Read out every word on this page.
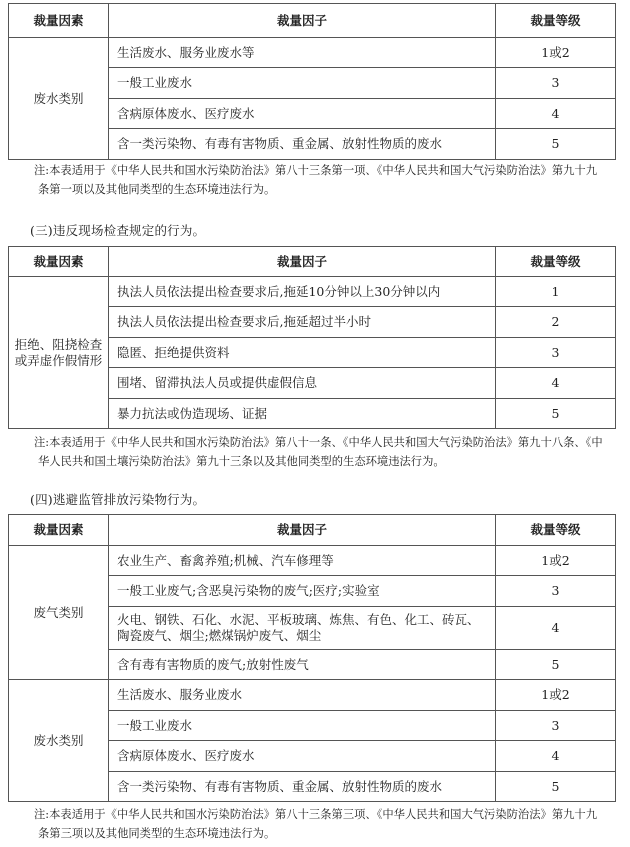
裁量因素	裁量因子	裁量等级
废水类别	生活废水、服务业废水等	1或2
	一般工业废水	3
	含病原体废水、医疗废水	4
	含一类污染物、有毒有害物质、重金属、放射性物质的废水	5

注:本表适用于《中华人民共和国水污染防治法》第八十三条第一项、《中华人民共和国大气污染防治法》第九十九条第一项以及其他同类型的生态环境违法行为。

(三)违反现场检查规定的行为。

裁量因素	裁量因子	裁量等级
拒绝、阻挠检查或弄虚作假情形	执法人员依法提出检查要求后,拖延10分钟以上30分钟以内	1
	执法人员依法提出检查要求后,拖延超过半小时	2
	隐匿、拒绝提供资料	3
	围堵、留滞执法人员或提供虚假信息	4
	暴力抗法或伪造现场、证据	5

注:本表适用于《中华人民共和国水污染防治法》第八十一条、《中华人民共和国大气污染防治法》第九十八条、《中华人民共和国土壤污染防治法》第九十三条以及其他同类型的生态环境违法行为。

(四)逃避监管排放污染物行为。

裁量因素	裁量因子	裁量等级
废气类别	农业生产、畜禽养殖;机械、汽车修理等	1或2
	一般工业废气;含恶臭污染物的废气;医疗;实验室	3
	火电、钢铁、石化、水泥、平板玻璃、炼焦、有色、化工、砖瓦、陶瓷废气、烟尘;燃煤锅炉废气、烟尘	4
	含有毒有害物质的废气;放射性废气	5
废水类别	生活废水、服务业废水	1或2
	一般工业废水	3
	含病原体废水、医疗废水	4
	含一类污染物、有毒有害物质、重金属、放射性物质的废水	5

注:本表适用于《中华人民共和国水污染防治法》第八十三条第三项、《中华人民共和国大气污染防治法》第九十九条第三项以及其他同类型的生态环境违法行为。
